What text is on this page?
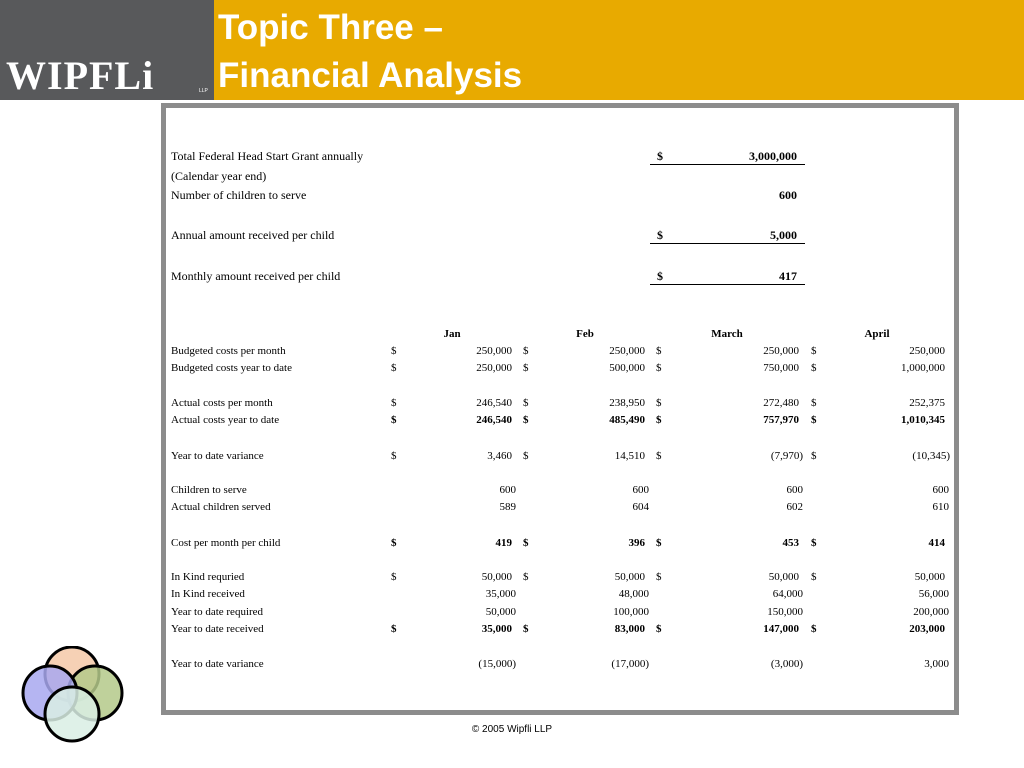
WIPFLi	LLP
Topic Three –
Financial Analysis
Total Federal Head Start Grant annually	$	3,000,000
(Calendar year end)
Number of children to serve	600
Annual amount received per child	$	5,000
Monthly amount received per child	$	417
Jan	Feb	March	April
Budgeted costs per month	$	250,000 $	250,000 $	250,000 $	250,000
Budgeted costs year to date	$	250,000 $	500,000 $	750,000 $	1,000,000
Actual costs per month	$	246,540 $	238,950 $	272,480 $	252,375
Actual costs year to date	$	246,540 $	485,490 $	757,970 $	1,010,345
Year to date variance	$	3,460 $	14,510 $	(7,970) $	(10,345)
Children to serve	600	600	600	600
Actual children served	589	604	602	610
Cost per month per child	$	419 $	396 $	453 $	414
In Kind requried	$	50,000 $	50,000 $	50,000 $	50,000
In Kind received	35,000	48,000	64,000	56,000
Year to date required	50,000	100,000	150,000	200,000
Year to date received	$	35,000 $	83,000 $	147,000 $	203,000
Year to date variance	(15,000)	(17,000)	(3,000)	3,000
© 2005 Wipfli LLP
